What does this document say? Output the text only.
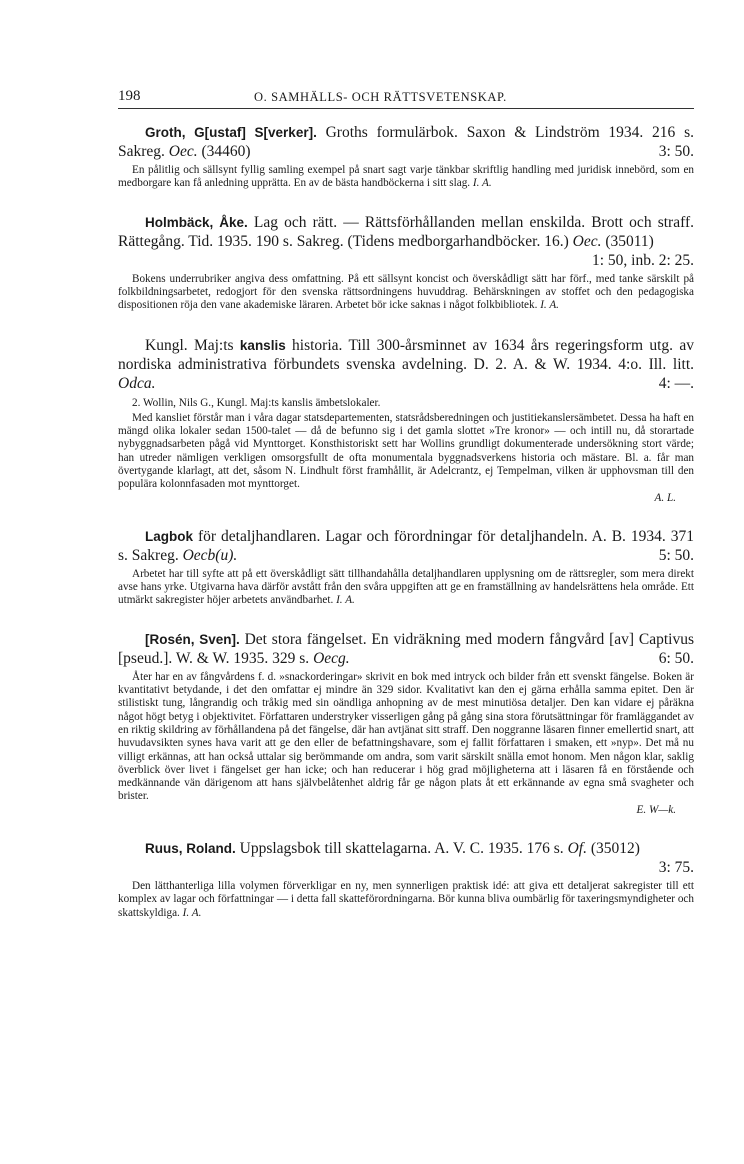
198	O. SAMHÄLLS- OCH RÄTTSVETENSKAP.

Groth, G[ustaf] S[verker]. Groths formulärbok. Saxon & Lindström 1934. 216 s. Sakreg. Oec. (34460)	3: 50.

En pålitlig och sällsynt fyllig samling exempel på snart sagt varje tänkbar skriftlig handling med juridisk innebörd, som en medborgare kan få anledning upprätta. En av de bästa handböckerna i sitt slag. I. A.

Holmbäck, Åke. Lag och rätt. — Rättsförhållanden mellan enskilda. Brott och straff. Rättegång. Tid. 1935. 190 s. Sakreg. (Tidens medborgarhandböcker. 16.) Oec. (35011)
1: 50, inb. 2: 25.

Bokens underrubriker angiva dess omfattning. På ett sällsynt koncist och överskådligt sätt har förf., med tanke särskilt på folkbildningsarbetet, redogjort för den svenska rättsordningens huvuddrag. Behärskningen av stoffet och den pedagogiska dispositionen röja den vane akademiske läraren. Arbetet bör icke saknas i något folkbibliotek. I. A.

Kungl. Maj:ts kanslis historia. Till 300-årsminnet av 1634 års regeringsform utg. av nordiska administrativa förbundets svenska avdelning. D. 2. A. & W. 1934. 4:o. Ill. litt. Odca.	4: —.

2. Wollin, Nils G., Kungl. Maj:ts kanslis ämbetslokaler.

Med kansliet förstår man i våra dagar statsdepartementen, statsrådsberedningen och justitiekanslersämbetet. Dessa ha haft en mängd olika lokaler sedan 1500-talet — då de befunno sig i det gamla slottet »Tre kronor» — och intill nu, då storartade nybyggnadsarbeten pågå vid Mynttorget. Konsthistoriskt sett har Wollins grundligt dokumenterade undersökning stort värde; han utreder nämligen verkligen omsorgsfullt de ofta monumentala byggnadsverkens historia och mästare. Bl. a. får man övertygande klarlagt, att det, såsom N. Lindhult först framhållit, är Adelcrantz, ej Tempelman, vilken är upphovsman till den populära kolonnfasaden mot mynttorget.

A. L.

Lagbok för detaljhandlaren. Lagar och förordningar för detaljhandeln. A. B. 1934. 371 s. Sakreg. Oecb(u).	5: 50.

Arbetet har till syfte att på ett överskådligt sätt tillhandahålla detaljhandlaren upplysning om de rättsregler, som mera direkt avse hans yrke. Utgivarna hava därför avstått från den svåra uppgiften att ge en framställning av handelsrättens hela område. Ett utmärkt sakregister höjer arbetets användbarhet. I. A.

[Rosén, Sven]. Det stora fängelset. En vidräkning med modern fångvård [av] Captivus [pseud.]. W. & W. 1935. 329 s. Oecg.	6: 50.

Åter har en av fångvårdens f. d. »snackorderingar» skrivit en bok med intryck och bilder från ett svenskt fängelse. Boken är kvantitativt betydande, i det den omfattar ej mindre än 329 sidor. Kvalitativt kan den ej gärna erhålla samma epitet. Den är stilistiskt tung, långrandig och tråkig med sin oändliga anhopning av de mest minutiösa detaljer. Den kan vidare ej påräkna något högt betyg i objektivitet. Författaren understryker visserligen gång på gång sina stora förutsättningar för framläggandet av en riktig skildring av förhållandena på det fängelse, där han avtjänat sitt straff. Den noggranne läsaren finner emellertid snart, att huvudavsikten synes hava varit att ge den eller de befattningshavare, som ej fallit författaren i smaken, ett »nyp». Det må nu villigt erkännas, att han också uttalar sig berömmande om andra, som varit särskilt snälla emot honom. Men någon klar, saklig överblick över livet i fängelset ger han icke; och han reducerar i hög grad möjligheterna att i läsaren få en förstående och medkännande vän därigenom att hans självbelåtenhet aldrig får ge någon plats åt ett erkännande av egna små svagheter och brister.

E. W—k.

Ruus, Roland. Uppslagsbok till skattelagarna. A. V. C. 1935. 176 s. Of. (35012)
3: 75.

Den lätthanterliga lilla volymen förverkligar en ny, men synnerligen praktisk idé: att giva ett detaljerat sakregister till ett komplex av lagar och författningar — i detta fall skatteförordningarna. Bör kunna bliva oumbärlig för taxeringsmyndigheter och skattskyldiga. I. A.
